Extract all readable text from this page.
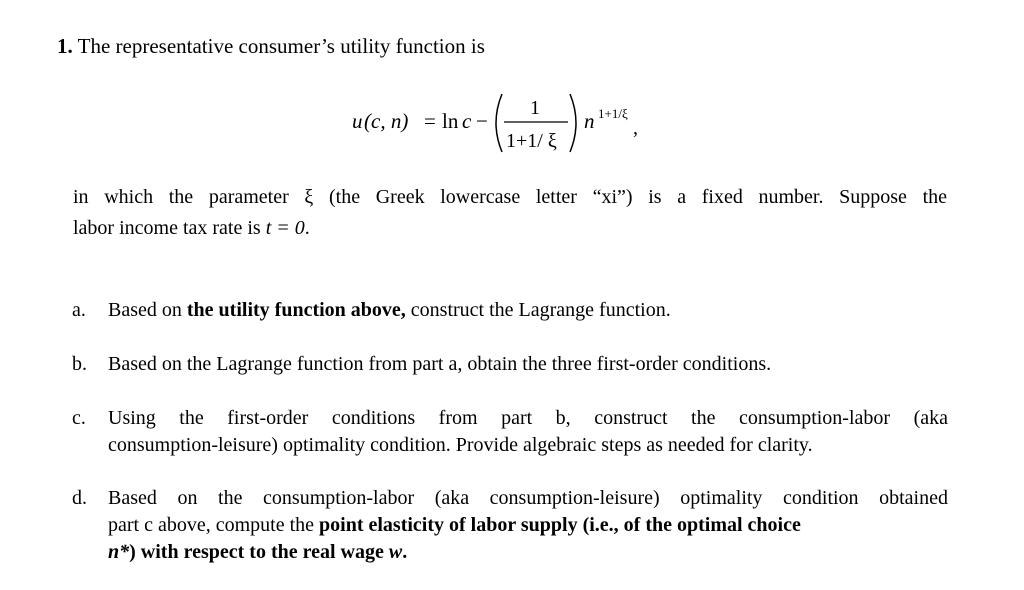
1. The representative consumer’s utility function is
u (c, n) = ln c −
1
1+1/ ξ
n 1+1/ξ
,
in which the parameter ξ (the Greek lowercase letter “xi”) is a fixed number. Suppose the
labor income tax rate is t = 0.
a. Based on the utility function above, construct the Lagrange function.
b. Based on the Lagrange function from part a, obtain the three first-order conditions.
c. Using the first-order conditions from part b, construct the consumption-labor (aka
consumption-leisure) optimality condition. Provide algebraic steps as needed for clarity.
d. Based on the consumption-labor (aka consumption-leisure) optimality condition obtained
part c above, compute the point elasticity of labor supply (i.e., of the optimal choice
n*) with respect to the real wage w.
